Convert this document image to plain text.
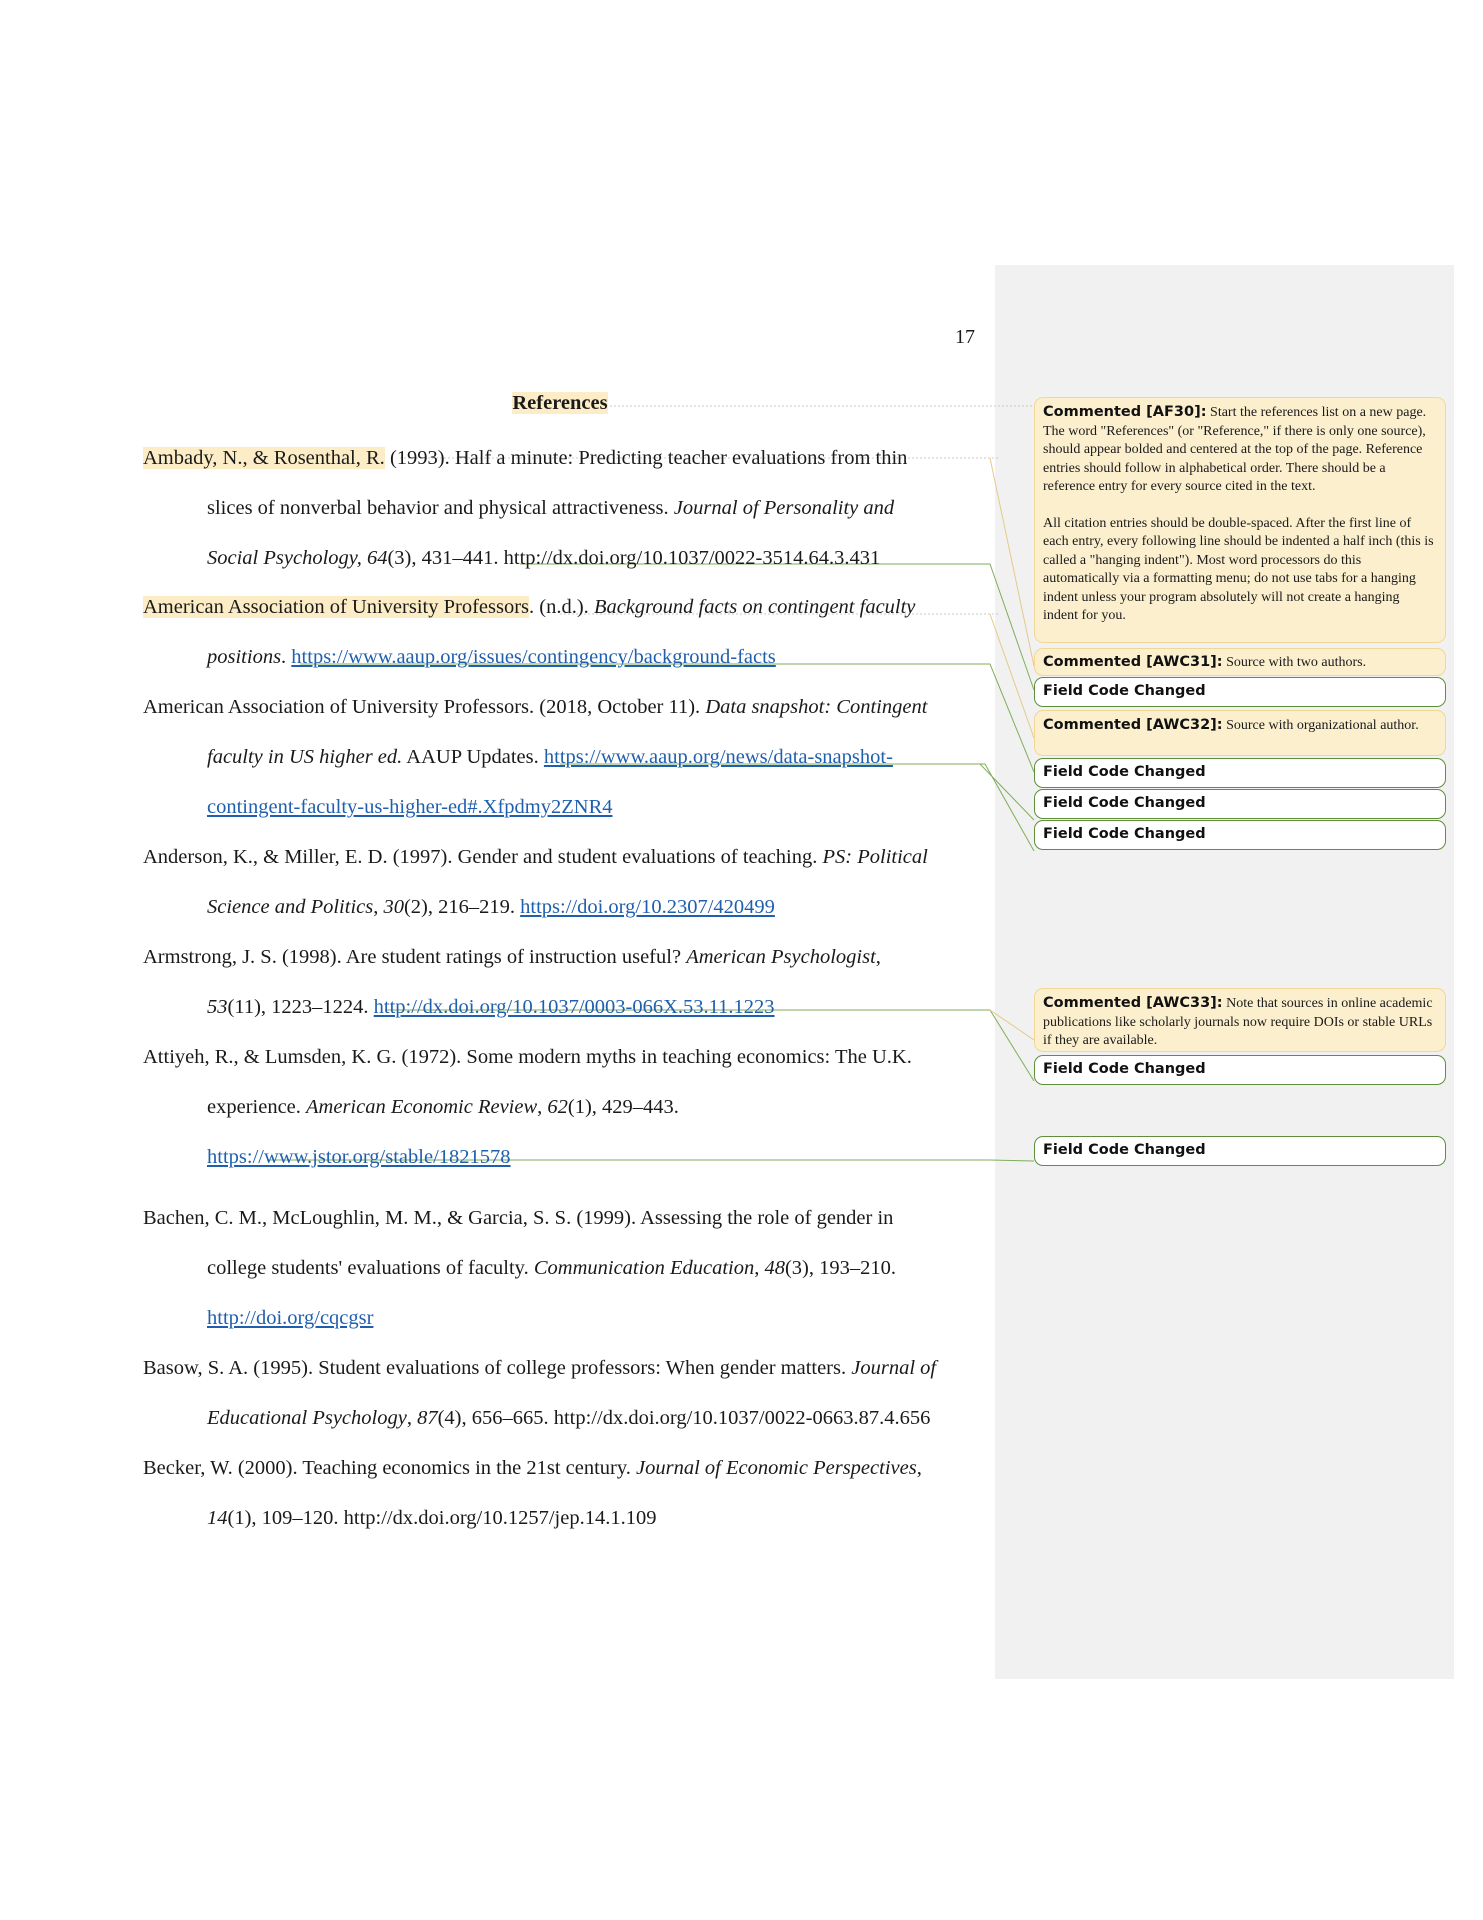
17
References
Ambady, N., & Rosenthal, R. (1993). Half a minute: Predicting teacher evaluations from thin
slices of nonverbal behavior and physical attractiveness. Journal of Personality and
Social Psychology, 64(3), 431–441. http://dx.doi.org/10.1037/0022-3514.64.3.431
American Association of University Professors. (n.d.). Background facts on contingent faculty
positions. https://www.aaup.org/issues/contingency/background-facts
American Association of University Professors. (2018, October 11). Data snapshot: Contingent
faculty in US higher ed. AAUP Updates. https://www.aaup.org/news/data-snapshot-
contingent-faculty-us-higher-ed#.Xfpdmy2ZNR4
Anderson, K., & Miller, E. D. (1997). Gender and student evaluations of teaching. PS: Political
Science and Politics, 30(2), 216–219. https://doi.org/10.2307/420499
Armstrong, J. S. (1998). Are student ratings of instruction useful? American Psychologist,
53(11), 1223–1224. http://dx.doi.org/10.1037/0003-066X.53.11.1223
Attiyeh, R., & Lumsden, K. G. (1972). Some modern myths in teaching economics: The U.K.
experience. American Economic Review, 62(1), 429–443.
https://www.jstor.org/stable/1821578
Bachen, C. M., McLoughlin, M. M., & Garcia, S. S. (1999). Assessing the role of gender in
college students' evaluations of faculty. Communication Education, 48(3), 193–210.
http://doi.org/cqcgsr
Basow, S. A. (1995). Student evaluations of college professors: When gender matters. Journal of
Educational Psychology, 87(4), 656–665. http://dx.doi.org/10.1037/0022-0663.87.4.656
Becker, W. (2000). Teaching economics in the 21st century. Journal of Economic Perspectives,
14(1), 109–120. http://dx.doi.org/10.1257/jep.14.1.109

Commented [AF30]: Start the references list on a new page. The word "References" (or "Reference," if there is only one source), should appear bolded and centered at the top of the page. Reference entries should follow in alphabetical order. There should be a reference entry for every source cited in the text.

All citation entries should be double-spaced. After the first line of each entry, every following line should be indented a half inch (this is called a "hanging indent"). Most word processors do this automatically via a formatting menu; do not use tabs for a hanging indent unless your program absolutely will not create a hanging indent for you.

Commented [AWC31]: Source with two authors.

Field Code Changed

Commented [AWC32]: Source with organizational author.

Field Code Changed
Field Code Changed
Field Code Changed

Commented [AWC33]: Note that sources in online academic publications like scholarly journals now require DOIs or stable URLs if they are available.

Field Code Changed
Field Code Changed
